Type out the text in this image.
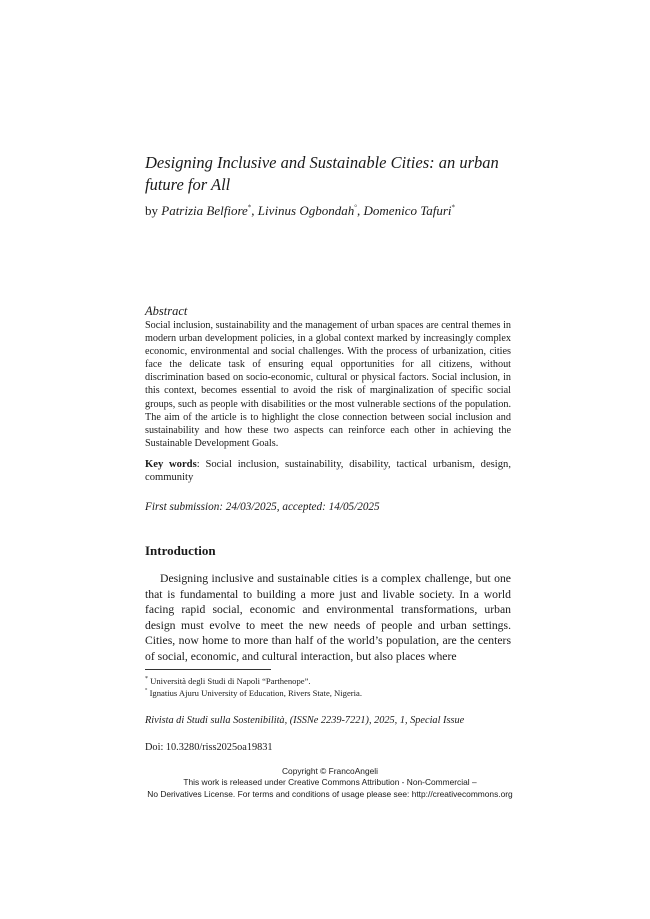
Designing Inclusive and Sustainable Cities: an urban future for All
by Patrizia Belfiore*, Livinus Ogbondah°, Domenico Tafuri*
Abstract
Social inclusion, sustainability and the management of urban spaces are central themes in modern urban development policies, in a global context marked by increasingly complex economic, environmental and social challenges. With the process of urbanization, cities face the delicate task of ensuring equal opportunities for all citizens, without discrimination based on socio-economic, cultural or physical factors. Social inclusion, in this context, becomes essential to avoid the risk of marginalization of specific social groups, such as people with disabilities or the most vulnerable sections of the population. The aim of the article is to highlight the close connection between social inclusion and sustainability and how these two aspects can reinforce each other in achieving the Sustainable Development Goals.
Key words: Social inclusion, sustainability, disability, tactical urbanism, design, community
First submission: 24/03/2025, accepted: 14/05/2025
Introduction
Designing inclusive and sustainable cities is a complex challenge, but one that is fundamental to building a more just and livable society. In a world facing rapid social, economic and environmental transformations, urban design must evolve to meet the new needs of people and urban settings. Cities, now home to more than half of the world’s population, are the centers of social, economic, and cultural interaction, but also places where
* Università degli Studi di Napoli “Parthenope”.
° Ignatius Ajuru University of Education, Rivers State, Nigeria.
Rivista di Studi sulla Sostenibilità, (ISSNe 2239-7221), 2025, 1, Special Issue
Doi: 10.3280/riss2025oa19831
Copyright © FrancoAngeli
This work is released under Creative Commons Attribution - Non-Commercial –
No Derivatives License. For terms and conditions of usage please see: http://creativecommons.org
